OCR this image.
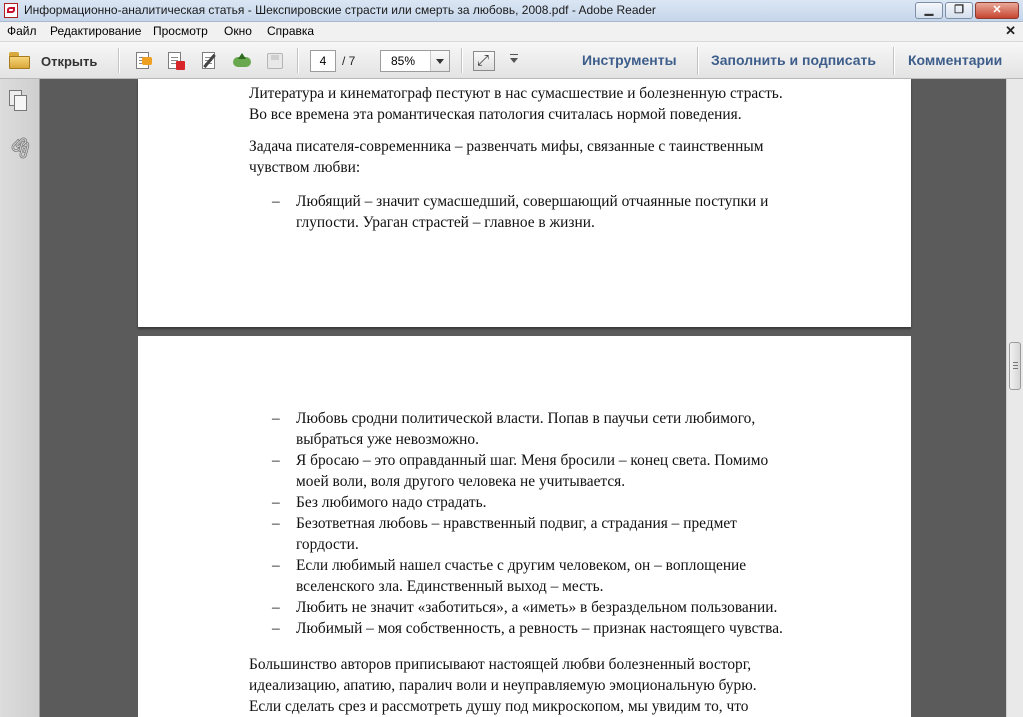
Информационно-аналитическая статья - Шекспировские страсти или смерть за любовь, 2008.pdf - Adobe Reader	▁	❐	✕
Файл Редактирование Просмотр Окно Справка	✕
Открыть	4	/ 7	85%
⤢	Инструменты Заполнить и подписать Комментарии
🖇

Литература и кинематограф пестуют в нас сумасшествие и болезненную страсть.
Во все времена эта романтическая патология считалась нормой поведения.

Задача писателя-современника – развенчать мифы, связанные с таинственным
чувством любви:

– Любящий – значит сумасшедший, совершающий отчаянные поступки и
глупости. Ураган страстей – главное в жизни.
– Любовь сродни политической власти. Попав в паучьи сети любимого,
выбраться уже невозможно.
– Я бросаю – это оправданный шаг. Меня бросили – конец света. Помимо
моей воли, воля другого человека не учитывается.
– Без любимого надо страдать.
– Безответная любовь – нравственный подвиг, а страдания – предмет
гордости.
– Если любимый нашел счастье с другим человеком, он – воплощение
вселенского зла. Единственный выход – месть.
– Любить не значит «заботиться», а «иметь» в безраздельном пользовании.
– Любимый – моя собственность, а ревность – признак настоящего чувства.

Большинство авторов приписывают настоящей любви болезненный восторг,
идеализацию, апатию, паралич воли и неуправляемую эмоциональную бурю.
Если сделать срез и рассмотреть душу под микроскопом, мы увидим то, что
